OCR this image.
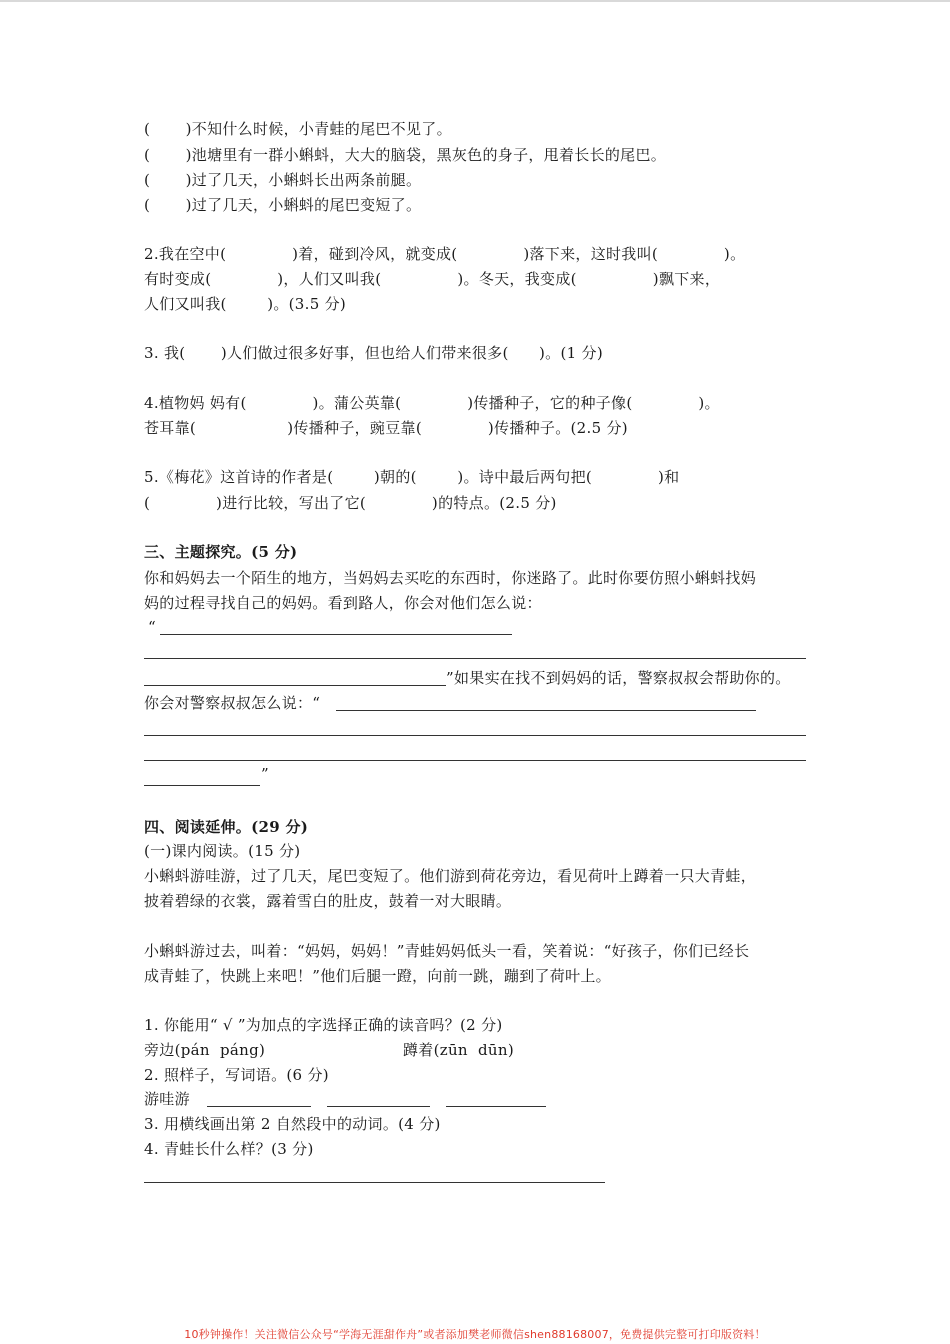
(       )不知什么时候，小青蛙的尾巴不见了。
(       )池塘里有一群小蝌蚪，大大的脑袋，黑灰色的身子，甩着长长的尾巴。
(       )过了几天，小蝌蚪长出两条前腿。
(       )过了几天，小蝌蚪的尾巴变短了。
2.我在空中(             )着，碰到冷风，就变成(             )落下来，这时我叫(             )。
有时变成(             )，人们又叫我(               )。冬天，我变成(               )飘下来，
人们又叫我(        )。(3.5 分)
3. 我(       )人们做过很多好事，但也给人们带来很多(      )。(1 分)
4.植物妈 妈有(             )。蒲公英靠(             )传播种子，它的种子像(             )。
苍耳靠(                  )传播种子，豌豆靠(             )传播种子。(2.5 分)
5.《梅花》这首诗的作者是(        )朝的(        )。诗中最后两句把(             )和
(             )进行比较，写出了它(             )的特点。(2.5 分)
三、主题探究。(5 分)
你和妈妈去一个陌生的地方，当妈妈去买吃的东西时，你迷路了。此时你要仿照小蝌蚪找妈
妈的过程寻找自己的妈妈。看到路人，你会对他们怎么说：
“
”如果实在找不到妈妈的话，警察叔叔会帮助你的。
你会对警察叔叔怎么说：“
”
四、阅读延伸。(29 分)
(一)课内阅读。(15 分)
小蝌蚪游哇游，过了几天，尾巴变短了。他们游到荷花旁边，看见荷叶上蹲着一只大青蛙，
披着碧绿的衣裳，露着雪白的肚皮，鼓着一对大眼睛。
小蝌蚪游过去，叫着：“妈妈，妈妈！”青蛙妈妈低头一看，笑着说：“好孩子，你们已经长
成青蛙了，快跳上来吧！”他们后腿一蹬，向前一跳，蹦到了荷叶上。
1. 你能用“ √ ”为加点的字选择正确的读音吗？(2 分)
旁边(pán  páng)	蹲着(zūn  dūn)
2. 照样子，写词语。(6 分)
游哇游
3. 用横线画出第 2 自然段中的动词。(4 分)
4. 青蛙长什么样？(3 分)
10秒钟操作！关注微信公众号“学海无涯甜作舟”或者添加樊老师微信shen88168007，免费提供完整可打印版资料！
